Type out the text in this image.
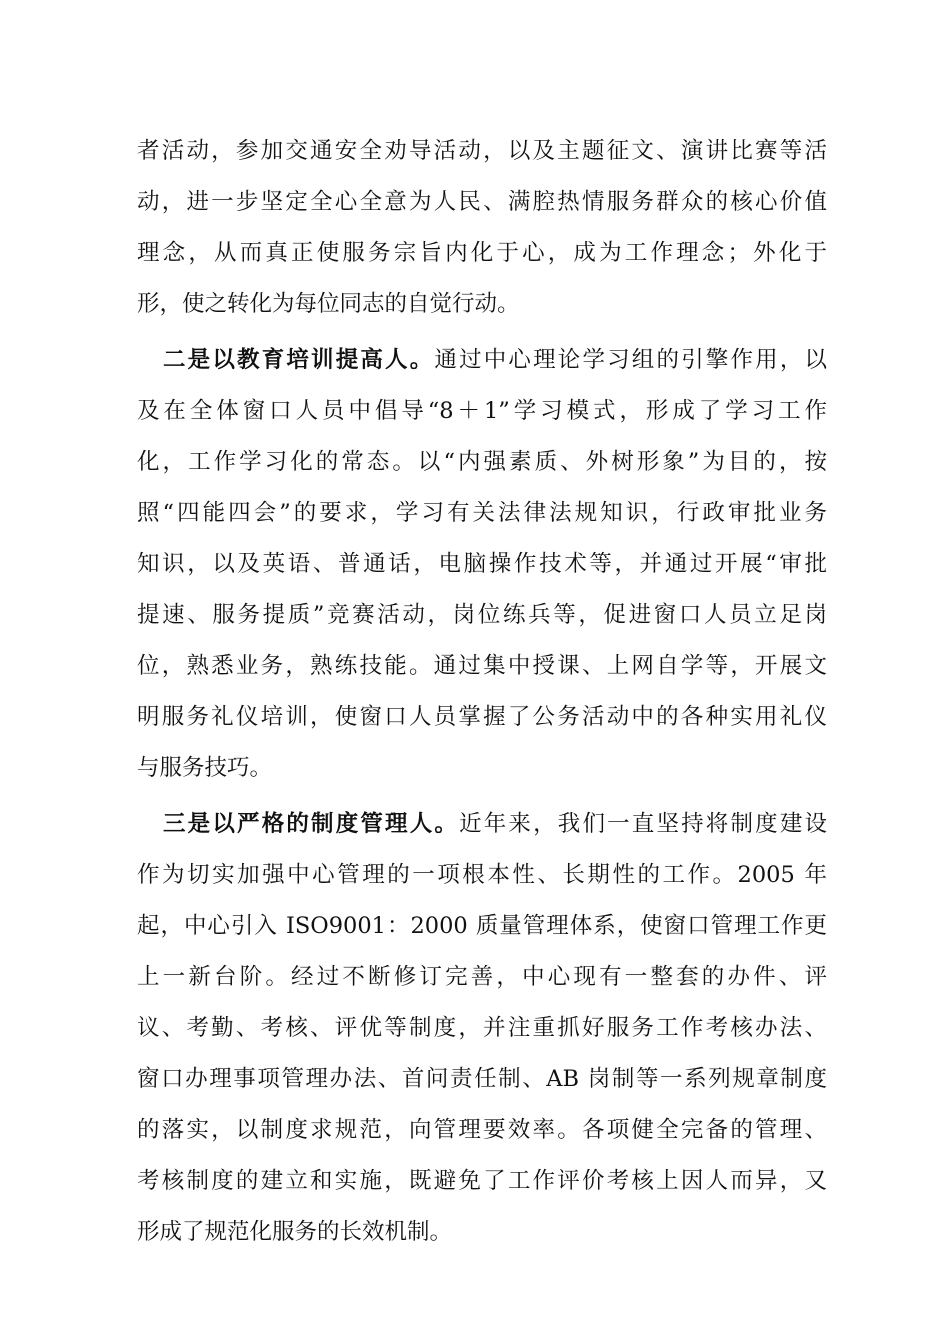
者活动，参加交通安全劝导活动，以及主题征文、演讲比赛等活
动，进一步坚定全心全意为人民、满腔热情服务群众的核心价值
理念，从而真正使服务宗旨内化于心，成为工作理念；外化于
形，使之转化为每位同志的自觉行动。
二是以教育培训提高人。通过中心理论学习组的引擎作用，以
及在全体窗口人员中倡导“8＋1”学习模式，形成了学习工作
化，工作学习化的常态。以“内强素质、外树形象”为目的，按
照“四能四会”的要求，学习有关法律法规知识，行政审批业务
知识，以及英语、普通话，电脑操作技术等，并通过开展“审批
提速、服务提质”竞赛活动，岗位练兵等，促进窗口人员立足岗
位，熟悉业务，熟练技能。通过集中授课、上网自学等，开展文
明服务礼仪培训，使窗口人员掌握了公务活动中的各种实用礼仪
与服务技巧。
三是以严格的制度管理人。近年来，我们一直坚持将制度建设
作为切实加强中心管理的一项根本性、长期性的工作。2005 年
起，中心引入 ISO9001：2000 质量管理体系，使窗口管理工作更
上一新台阶。经过不断修订完善，中心现有一整套的办件、评
议、考勤、考核、评优等制度，并注重抓好服务工作考核办法、
窗口办理事项管理办法、首问责任制、AB 岗制等一系列规章制度
的落实，以制度求规范，向管理要效率。各项健全完备的管理、
考核制度的建立和实施，既避免了工作评价考核上因人而异，又
形成了规范化服务的长效机制。
